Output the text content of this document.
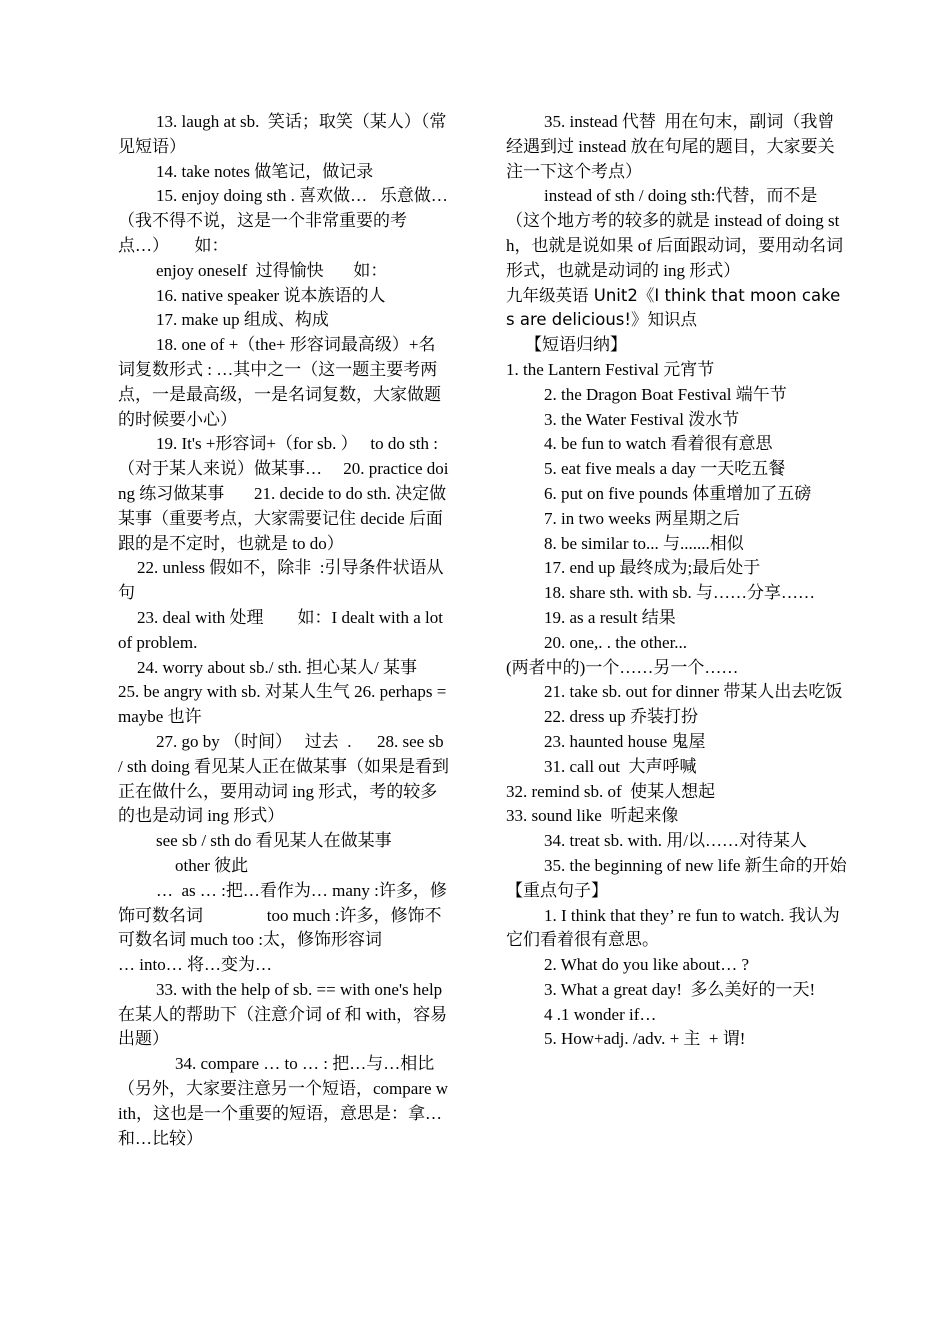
13. laugh at sb.  笑话；取笑（某人）（常见短语）

14. take notes 做笔记，做记录

15. enjoy doing sth . 喜欢做…   乐意做…（我不得不说，这是一个非常重要的考点…）      如：

enjoy oneself  过得愉快       如：

16. native speaker 说本族语的人

17. make up 组成、构成

18. one of +（the+ 形容词最高级）+名词复数形式 : …其中之一（这一题主要考两点，一是最高级，一是名词复数，大家做题的时候要小心）

19. It's +形容词+（for sb. ）   to do sth :（对于某人来说）做某事…     20. practice doing 练习做某事       21. decide to do sth. 决定做某事（重要考点，大家需要记住 decide 后面跟的是不定时，也就是 to do）

22. unless 假如不，除非  :引导条件状语从句

23. deal with 处理        如：I dealt with a lot of problem.

24. worry about sb./ sth. 担心某人/ 某事         25. be angry with sb. 对某人生气 26. perhaps = maybe 也许

27. go by （时间）   过去  .      28. see sb / sth doing 看见某人正在做某事（如果是看到正在做什么，要用动词 ing 形式，考的较多的也是动词 ing 形式）

see sb / sth do 看见某人在做某事

other 彼此

…  as … :把…看作为… many :许多，修饰可数名词               too much :许多，修饰不可数名词 much too :太，修饰形容词               … into… 将…变为…

33. with the help of sb. == with one's help  在某人的帮助下（注意介词 of 和 with，容易出题）

34. compare … to … : 把…与…相比（另外，大家要注意另一个短语，compare with，这也是一个重要的短语，意思是：拿…和…比较）

35. instead 代替  用在句末，副词（我曾经遇到过 instead 放在句尾的题目，大家要关注一下这个考点）

instead of sth / doing sth:代替，而不是 （这个地方考的较多的就是 instead of doing sth，也就是说如果 of 后面跟动词，要用动名词形式，也就是动词的 ing 形式）

九年级英语 Unit2《I think that moon cakes are delicious!》知识点

【短语归纳】

1. the Lantern Festival 元宵节

2. the Dragon Boat Festival 端午节

3. the Water Festival 泼水节

4. be fun to watch 看着很有意思

5. eat five meals a day 一天吃五餐

6. put on five pounds 体重增加了五磅

7. in two weeks 两星期之后

8. be similar to... 与.......相似

17. end up 最终成为;最后处于

18. share sth. with sb. 与……分享……

19. as a result 结果

20. one,. . the other...

(两者中的)一个……另一个……

21. take sb. out for dinner 带某人出去吃饭

22. dress up 乔装打扮

23. haunted house 鬼屋

31. call out  大声呼喊

32. remind sb. of  使某人想起

33. sound like  听起来像

34. treat sb. with. 用/以……对待某人

35. the beginning of new life 新生命的开始

【重点句子】

1. I think that they’ re fun to watch. 我认为它们看着很有意思。

2. What do you like about… ?

3. What a great day!  多么美好的一天!

4 .1 wonder if…

5. How+adj. /adv. + 主  + 谓!
